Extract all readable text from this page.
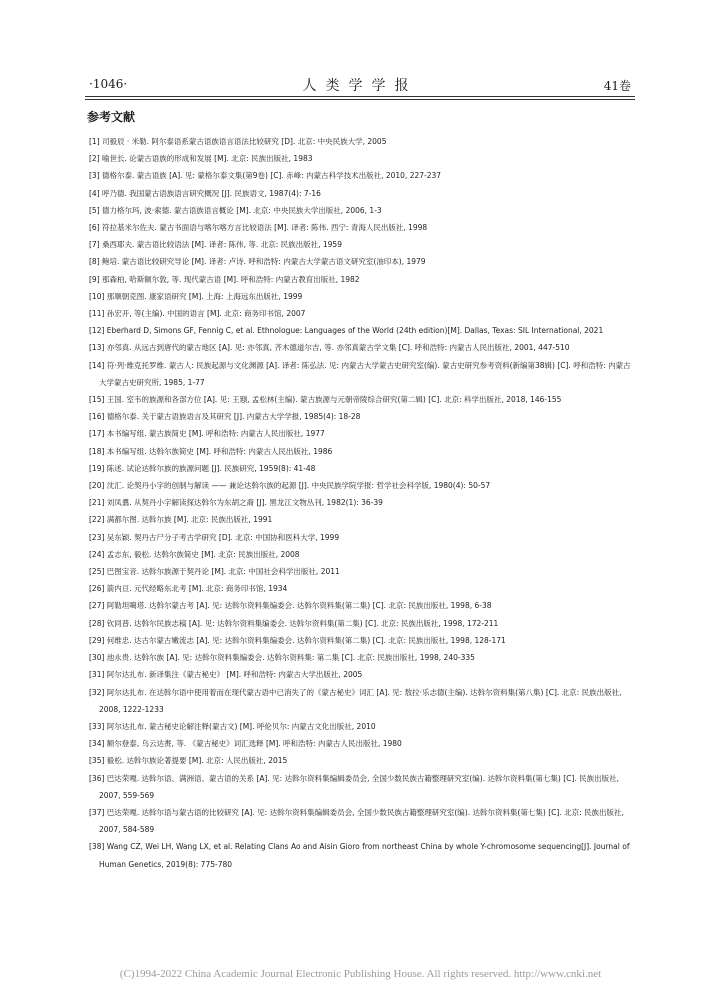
·1046·	人类学学报	41卷
参考文献
[1] 司毅辰 · 米勒. 阿尔泰语系蒙古语族语言语法比较研究 [D]. 北京: 中央民族大学, 2005
[2] 喻世长. 论蒙古语族的形成和发展 [M]. 北京: 民族出版社, 1983
[3] 德格尔泰. 蒙古语族 [A]. 见: 蒙格尔泰文集(第9卷) [C]. 赤峰: 内蒙古科学技术出版社, 2010, 227-237
[4] 呼乃德. 我国蒙古语族语言研究概况 [J]. 民族语文, 1987(4): 7-16
[5] 德力格尔玛, 波·索德. 蒙古语族语言概论 [M]. 北京: 中央民族大学出版社, 2006, 1-3
[6] 符拉基米尔佐夫. 蒙古书面语与喀尔喀方言比较语法 [M]. 译者: 陈伟. 西宁: 青海人民出版社, 1998
[7] 桑西耶夫. 蒙古语比较语法 [M]. 译者: 陈伟, 等. 北京: 民族出版社, 1959
[8] 鲍培. 蒙古语比较研究导论 [M]. 译者: 卢诗. 呼和浩特: 内蒙古大学蒙古语文研究室(油印本), 1979
[9] 那森柏, 哈斯额尔敦, 等. 现代蒙古语 [M]. 呼和浩特: 内蒙古教育出版社, 1982
[10] 那顺朝克图. 康家语研究 [M]. 上海: 上海远东出版社, 1999
[11] 孙宏开, 等(主编). 中国的语言 [M]. 北京: 商务印书馆, 2007
[12] Eberhard D, Simons GF, Fennig C, et al. Ethnologue: Languages of the World (24th edition)[M]. Dallas, Texas: SIL International, 2021
[13] 亦邻真. 从远古到唐代的蒙古地区 [A]. 见: 亦邻真, 齐木德道尔吉, 等. 亦邻真蒙古学文集 [C]. 呼和浩特: 内蒙古人民出版社, 2001, 447-510
[14] 符·列·维克托罗维. 蒙古人: 民族起源与文化渊源 [A]. 译者: 陈弘法. 见: 内蒙古大学蒙古史研究室(编). 蒙古史研究参考资料(新编第38辑) [C]. 呼和浩特: 内蒙古大学蒙古史研究所, 1985, 1-77
[15] 王国. 室韦的族源和各部方位 [A]. 见: 王颋, 孟松林(主编). 蒙古族源与元朝帝陵综合研究(第二辑) [C]. 北京: 科学出版社, 2018, 146-155
[16] 德格尔泰. 关于蒙古语族语言及其研究 [J]. 内蒙古大学学报, 1985(4): 18-28
[17] 本书编写组. 蒙古族简史 [M]. 呼和浩特: 内蒙古人民出版社, 1977
[18] 本书编写组. 达斡尔族简史 [M]. 呼和浩特: 内蒙古人民出版社, 1986
[19] 陈述. 试论达斡尔族的族源问题 [J]. 民族研究, 1959(8): 41-48
[20] 沈汇. 论契丹小字的创制与解读 —— 兼论达斡尔族的起源 [J]. 中央民族学院学报: 哲学社会科学版, 1980(4): 50-57
[21] 刘凤翥. 从契丹小字解读探达斡尔为东胡之裔 [J]. 黑龙江文物丛刊, 1982(1): 36-39
[22] 满都尔图. 达斡尔族 [M]. 北京: 民族出版社, 1991
[23] 吴东颖. 契丹古尸分子考古学研究 [D]. 北京: 中国协和医科大学, 1999
[24] 孟志东, 毅松. 达斡尔族简史 [M]. 北京: 民族出版社, 2008
[25] 巴图宝音. 达斡尔族源于契丹论 [M]. 北京: 中国社会科学出版社, 2011
[26] 箭内亘. 元代经略东北考 [M]. 北京: 商务印书馆, 1934
[27] 阿勒坦噶塔. 达斡尔蒙古考 [A]. 见: 达斡尔资料集编委会. 达斡尔资料集(第二集) [C]. 北京: 民族出版社, 1998, 6-38
[28] 钦同普. 达斡尔民族志稿 [A]. 见: 达斡尔资料集编委会. 达斡尔资料集(第二集) [C]. 北京: 民族出版社, 1998, 172-211
[29] 何维忠. 达古尔蒙古嫩流志 [A]. 见: 达斡尔资料集编委会. 达斡尔资料集(第二集) [C]. 北京: 民族出版社, 1998, 128-171
[30] 池永贵. 达斡尔族 [A]. 见: 达斡尔资料集编委会. 达斡尔资料集: 第二集 [C]. 北京: 民族出版社, 1998, 240-335
[31] 阿尔达扎布. 新译集注《蒙古秘史》 [M]. 呼和浩特: 内蒙古大学出版社, 2005
[32] 阿尔达扎布. 在达斡尔语中使用着而在现代蒙古语中已消失了的《蒙古秘史》词汇 [A]. 见: 敖拉·乐志德(主编). 达斡尔资料集(第八集) [C]. 北京: 民族出版社, 2008, 1222-1233
[33] 阿尔达扎布. 蒙古秘史论解注释(蒙古文) [M]. 呼伦贝尔: 内蒙古文化出版社, 2010
[34] 额尔登泰, 乌云达赉, 等. 《蒙古秘史》词汇选释 [M]. 呼和浩特: 内蒙古人民出版社, 1980
[35] 毅松. 达斡尔族论著提要 [M]. 北京: 人民出版社, 2015
[36] 巴达荣嘎. 达斡尔语、满洲语、蒙古语的关系 [A]. 见: 达斡尔资料集编辑委员会, 全国少数民族古籍整理研究室(编). 达斡尔资料集(第七集) [C]. 民族出版社, 2007, 559-569
[37] 巴达荣嘎. 达斡尔语与蒙古语的比较研究 [A]. 见: 达斡尔资料集编辑委员会, 全国少数民族古籍整理研究室(编). 达斡尔资料集(第七集) [C]. 北京: 民族出版社, 2007, 584-589
[38] Wang CZ, Wei LH, Wang LX, et al. Relating Clans Ao and Aisin Gioro from northeast China by whole Y-chromosome sequencing[J]. Journal of Human Genetics, 2019(8): 775-780
(C)1994-2022 China Academic Journal Electronic Publishing House. All rights reserved. http://www.cnki.net
